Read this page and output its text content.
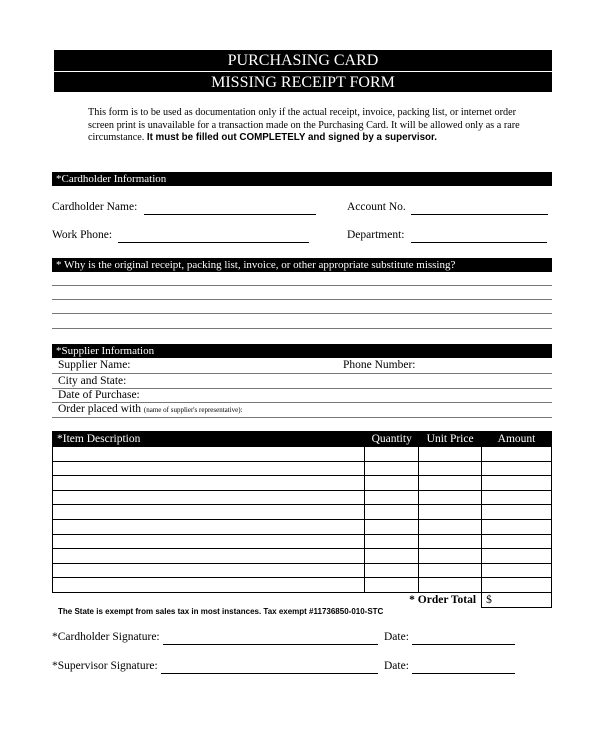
PURCHASING CARD
MISSING RECEIPT FORM
This form is to be used as documentation only if the actual receipt, invoice, packing list, or internet order screen print is unavailable for a transaction made on the Purchasing Card. It will be allowed only as a rare circumstance. It must be filled out COMPLETELY and signed by a supervisor.
*Cardholder Information
Cardholder Name:	Account No.
Work Phone:	Department:
* Why is the original receipt, packing list, invoice, or other appropriate substitute missing?
*Supplier Information
Supplier Name:	Phone Number:
City and State:
Date of Purchase:
Order placed with (name of supplier's representative):
*Item Description	Quantity	Unit Price	Amount

* Order Total			$
The State is exempt from sales tax in most instances. Tax exempt #11736850-010-STC
*Cardholder Signature:	Date:
*Supervisor Signature:	Date:
